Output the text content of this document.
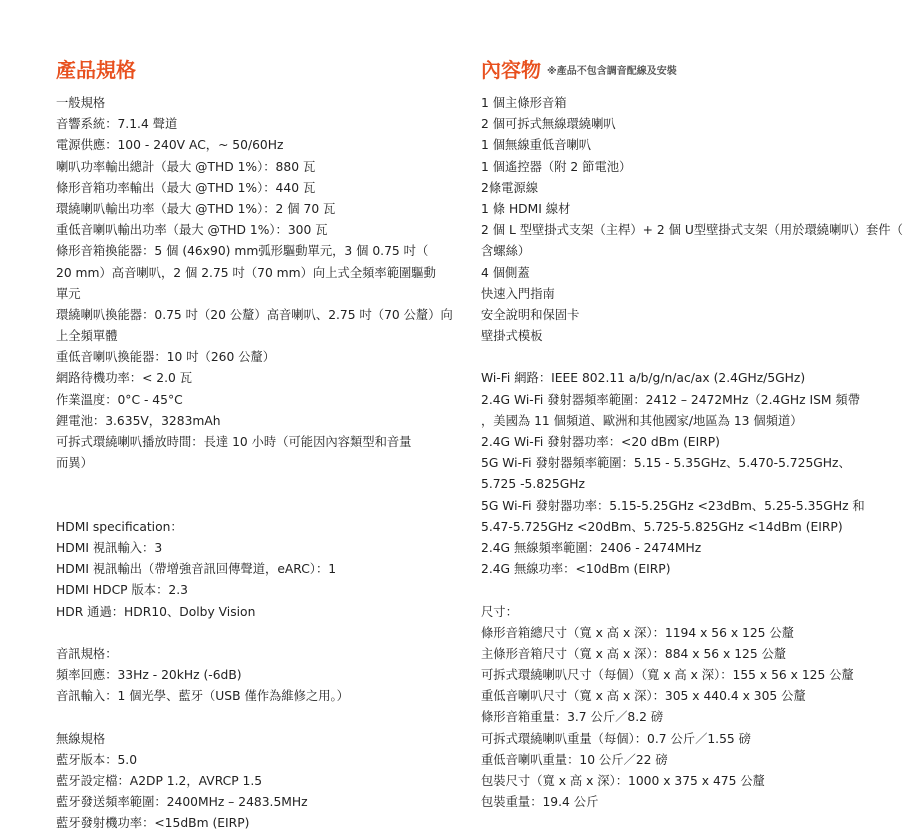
產品規格
一般規格
音響系統：7.1.4 聲道
電源供應：100 - 240V AC，~ 50/60Hz
喇叭功率輸出總計（最大 @THD 1%）：880 瓦
條形音箱功率輸出（最大 @THD 1%）：440 瓦
環繞喇叭輸出功率（最大 @THD 1%）：2 個 70 瓦
重低音喇叭輸出功率（最大 @THD 1%）：300 瓦
條形音箱換能器：5 個 (46x90) mm弧形驅動單元，3 個 0.75 吋（
20 mm）高音喇叭，2 個 2.75 吋（70 mm）向上式全頻率範圍驅動
單元
環繞喇叭換能器：0.75 吋（20 公釐）高音喇叭、2.75 吋（70 公釐）向
上全頻單體
重低音喇叭換能器：10 吋（260 公釐）
網路待機功率：< 2.0 瓦
作業溫度：0°C - 45°C
鋰電池：3.635V，3283mAh
可拆式環繞喇叭播放時間：長達 10 小時（可能因內容類型和音量
而異）
HDMI specification：
HDMI 視訊輸入：3
HDMI 視訊輸出（帶增強音訊回傳聲道，eARC）：1
HDMI HDCP 版本：2.3
HDR 通過：HDR10、Dolby Vision
音訊規格：
頻率回應：33Hz - 20kHz (-6dB)
音訊輸入：1 個光學、藍牙（USB 僅作為維修之用。）
無線規格
藍牙版本：5.0
藍牙設定檔：A2DP 1.2，AVRCP 1.5
藍牙發送頻率範圍：2400MHz – 2483.5MHz
藍牙發射機功率：<15dBm (EIRP)
內容物 ※產品不包含調音配線及安裝
1 個主條形音箱
2 個可拆式無線環繞喇叭
1 個無線重低音喇叭
1 個遙控器（附 2 節電池）
2條電源線
1 條 HDMI 線材
2 個 L 型壁掛式支架（主桿）+ 2 個 U型壁掛式支架（用於環繞喇叭）套件（
含螺絲）
4 個側蓋
快速入門指南
安全說明和保固卡
壁掛式模板
Wi-Fi 網路：IEEE 802.11 a/b/g/n/ac/ax (2.4GHz/5GHz)
2.4G Wi-Fi 發射器頻率範圍：2412 – 2472MHz（2.4GHz ISM 頻帶
，美國為 11 個頻道、歐洲和其他國家/地區為 13 個頻道）
2.4G Wi-Fi 發射器功率：<20 dBm (EIRP)
5G Wi-Fi 發射器頻率範圍：5.15 - 5.35GHz、5.470-5.725GHz、
5.725 -5.825GHz
5G Wi-Fi 發射器功率：5.15-5.25GHz <23dBm、5.25-5.35GHz 和
5.47-5.725GHz <20dBm、5.725-5.825GHz <14dBm (EIRP)
2.4G 無線頻率範圍：2406 - 2474MHz
2.4G 無線功率：<10dBm (EIRP)
尺寸：
條形音箱總尺寸（寬 x 高 x 深）：1194 x 56 x 125 公釐
主條形音箱尺寸（寬 x 高 x 深）：884 x 56 x 125 公釐
可拆式環繞喇叭尺寸（每個）（寬 x 高 x 深）：155 x 56 x 125 公釐
重低音喇叭尺寸（寬 x 高 x 深）：305 x 440.4 x 305 公釐
條形音箱重量：3.7 公斤／8.2 磅
可拆式環繞喇叭重量（每個）：0.7 公斤／1.55 磅
重低音喇叭重量：10 公斤／22 磅
包裝尺寸（寬 x 高 x 深）：1000 x 375 x 475 公釐
包裝重量：19.4 公斤
